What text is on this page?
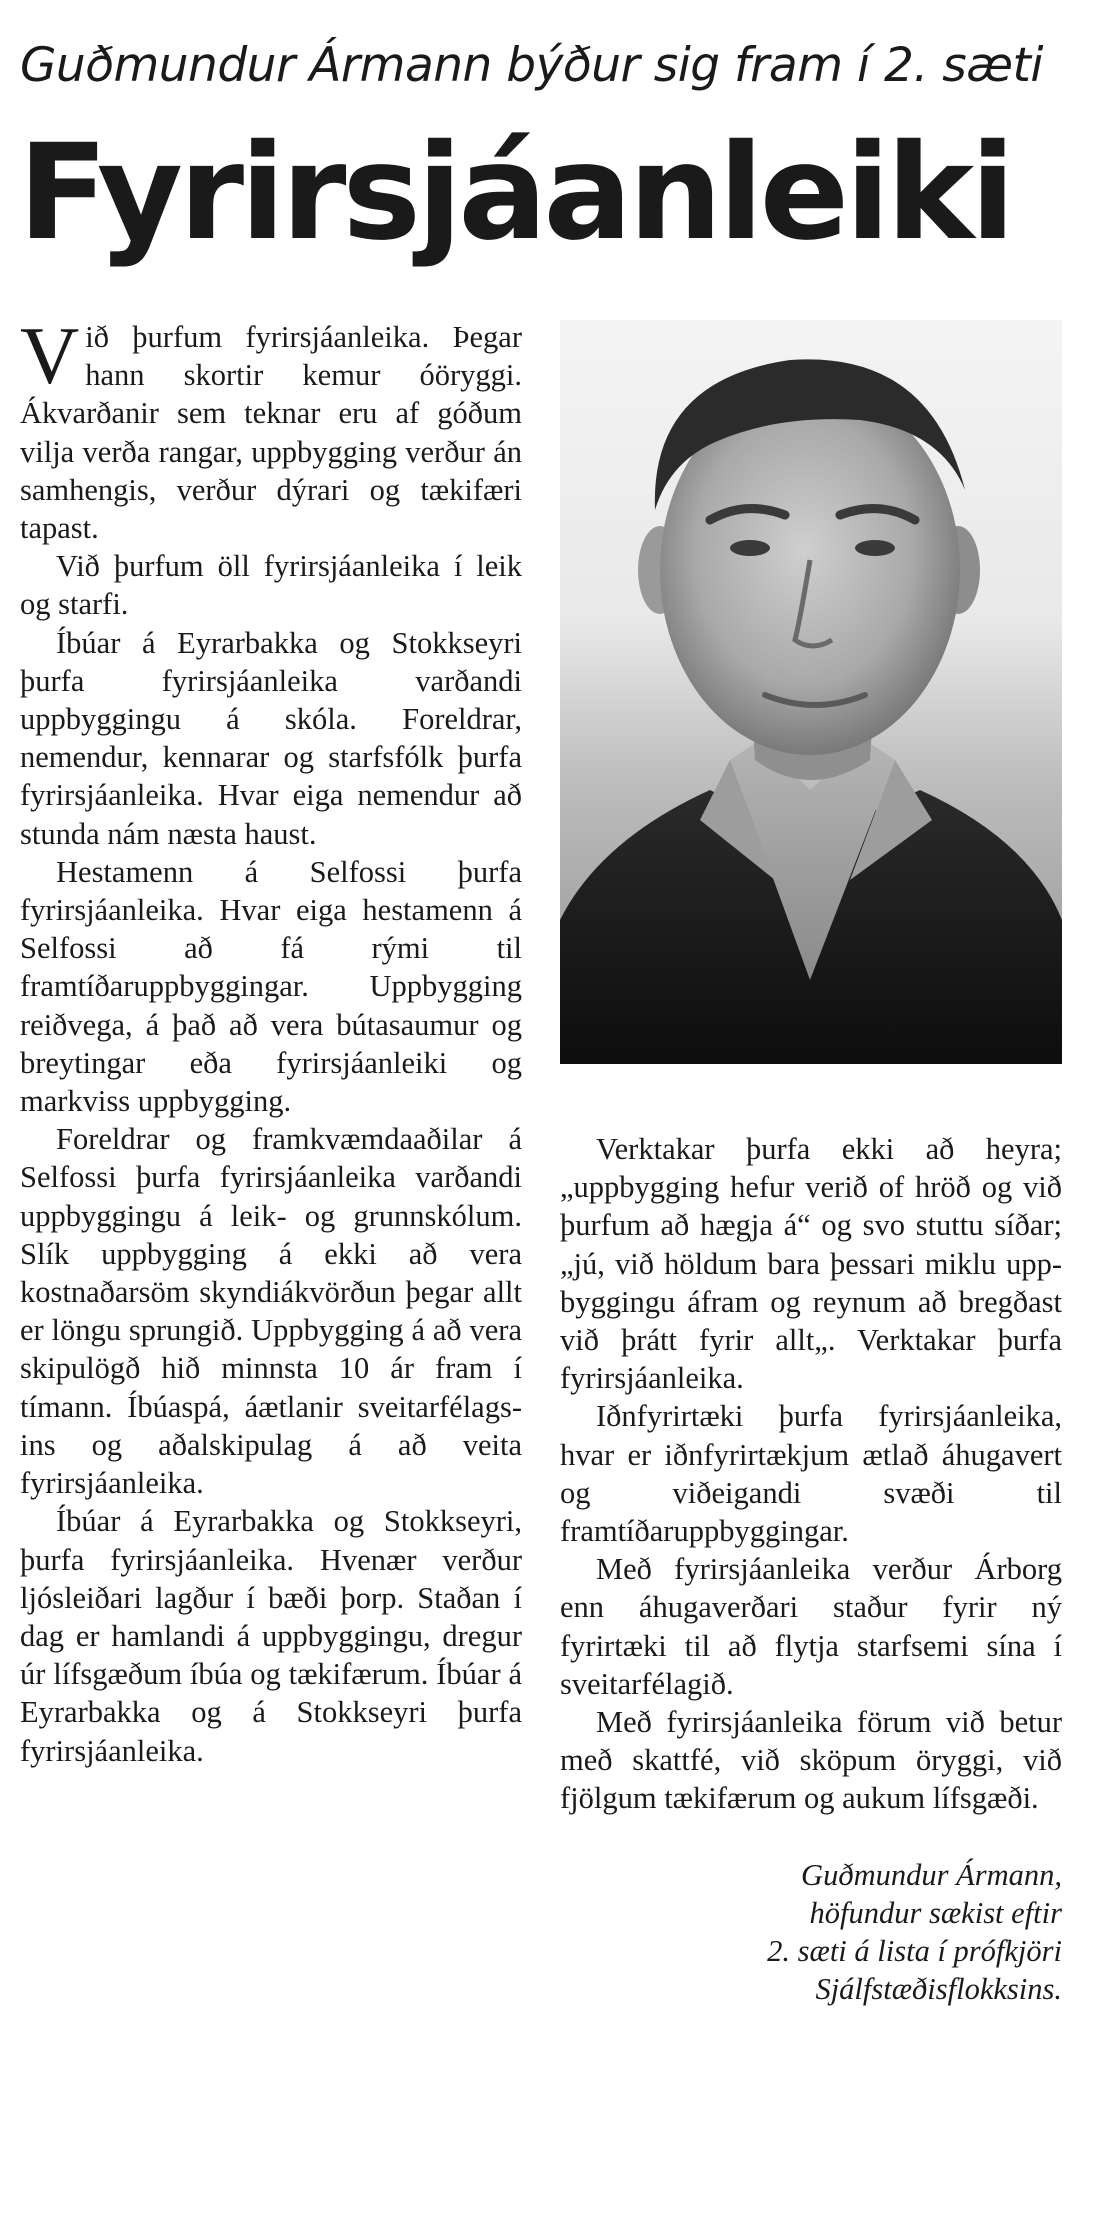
Guðmundur Ármann býður sig fram í 2. sæti
Fyrirsjáanleiki

Við þurfum fyrirsjáanleika. Þegar hann skortir kemur óöryggi. Ákvarðanir sem teknar eru af góðum vilja verða rangar, uppbygging verður án samhengis, verður dýrari og tækifæri tapast.

Við þurfum öll fyrirsjáanleika í leik og starfi.

Íbúar á Eyrarbakka og Stokkseyri þurfa fyrirsjáanleika varðandi uppbyggingu á skóla. Foreldrar, nemendur, kennarar og starfsfólk þurfa fyrirsjáanleika. Hvar eiga nemendur að stunda nám næsta haust.

Hestamenn á Selfossi þurfa fyrirsjáanleika. Hvar eiga hestamenn á Selfossi að fá rými til framtíðaruppbyggingar. Uppbygging reiðvega, á það að vera bútasaumur og breytingar eða fyrirsjáanleiki og markviss uppbygging.

Foreldrar og framkvæmdaaðilar á Selfossi þurfa fyrirsjáanleika varðandi uppbyggingu á leik- og grunnskólum. Slík uppbygging á ekki að vera kostnaðarsöm skyndiákvörðun þegar allt er löngu sprungið. Uppbygging á að vera skipulögð hið minnsta 10 ár fram í tímann. Íbúaspá, áætlanir sveitarfélagsins og aðalskipulag á að veita fyrirsjáanleika.

Íbúar á Eyrarbakka og Stokkseyri, þurfa fyrirsjáanleika. Hvenær verður ljósleiðari lagður í bæði þorp. Staðan í dag er hamlandi á uppbyggingu, dregur úr lífsgæðum íbúa og tækifærum. Íbúar á Eyrarbakka og á Stokkseyri þurfa fyrirsjáanleika.

Verktakar þurfa ekki að heyra; „uppbygging hefur verið of hröð og við þurfum að hægja á“ og svo stuttu síðar; „jú, við höldum bara þessari miklu uppbyggingu áfram og reynum að bregðast við þrátt fyrir allt„. Verktakar þurfa fyrirsjáanleika.

Iðnfyrirtæki þurfa fyrirsjáanleika, hvar er iðnfyrirtækjum ætlað áhugavert og viðeigandi svæði til framtíðaruppbyggingar.

Með fyrirsjáanleika verður Árborg enn áhugaverðari staður fyrir ný fyrirtæki til að flytja starfsemi sína í sveitarfélagið.

Með fyrirsjáanleika förum við betur með skattfé, við sköpum öryggi, við fjölgum tækifærum og aukum lífsgæði.

Guðmundur Ármann,
höfundur sækist eftir
2. sæti á lista í prófkjöri
Sjálfstæðisflokksins.
